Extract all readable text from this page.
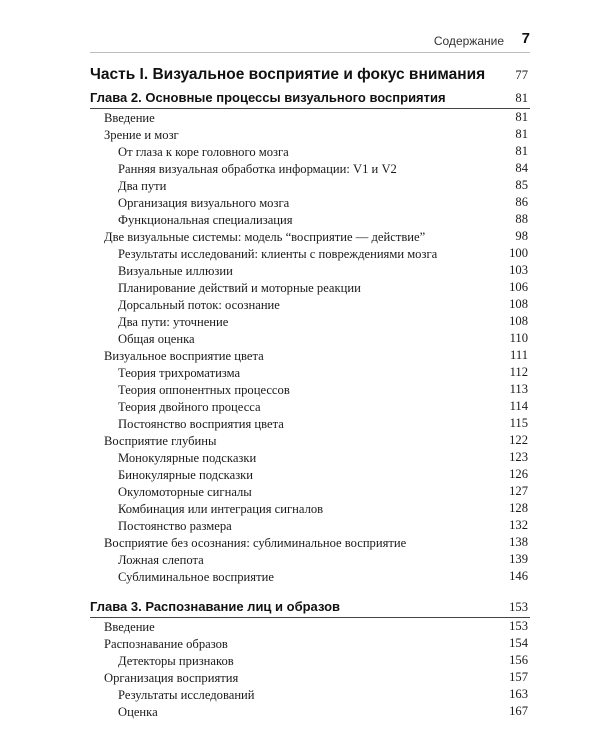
Содержание 7
Часть I. Визуальное восприятие и фокус внимания 77
Глава 2. Основные процессы визуального восприятия	81
Введение	81
Зрение и мозг	81
От глаза к коре головного мозга	81
Ранняя визуальная обработка информации: V1 и V2	84
Два пути	85
Организация визуального мозга	86
Функциональная специализация	88
Две визуальные системы: модель “восприятие — действие”	98
Результаты исследований: клиенты с повреждениями мозга	100
Визуальные иллюзии	103
Планирование действий и моторные реакции	106
Дорсальный поток: осознание	108
Два пути: уточнение	108
Общая оценка	110
Визуальное восприятие цвета	111
Теория трихроматизма	112
Теория оппонентных процессов	113
Теория двойного процесса	114
Постоянство восприятия цвета	115
Восприятие глубины	122
Монокулярные подсказки	123
Бинокулярные подсказки	126
Окуломоторные сигналы	127
Комбинация или интеграция сигналов	128
Постоянство размера	132
Восприятие без осознания: сублиминальное восприятие	138
Ложная слепота	139
Сублиминальное восприятие	146
Глава 3. Распознавание лиц и образов	153
Введение	153
Распознавание образов	154
Детекторы признаков	156
Организация восприятия	157
Результаты исследований	163
Оценка	167
